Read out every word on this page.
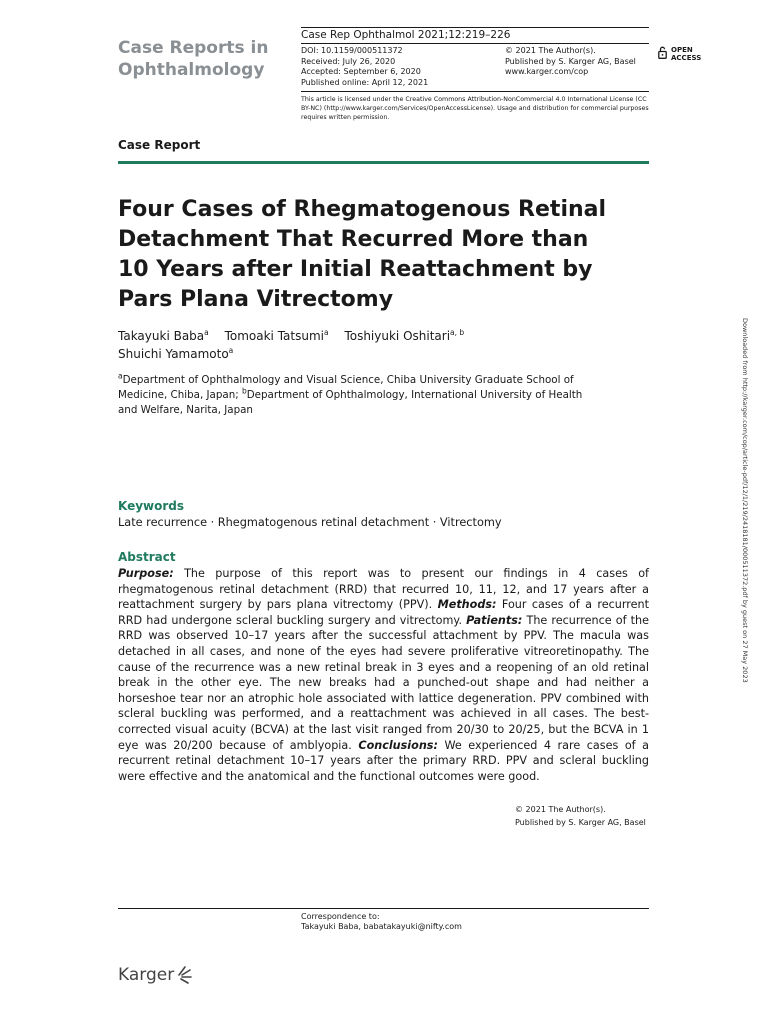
Case Reports in Ophthalmology
Case Rep Ophthalmol 2021;12:219–226
DOI: 10.1159/000511372
Received: July 26, 2020
Accepted: September 6, 2020
Published online: April 12, 2021
© 2021 The Author(s).
Published by S. Karger AG, Basel
www.karger.com/cop
OPEN
ACCESS
This article is licensed under the Creative Commons Attribution-NonCommercial 4.0 International License (CC BY-NC) (http://www.karger.com/Services/OpenAccessLicense). Usage and distribution for commercial purposes requires written permission.
Case Report
Four Cases of Rhegmatogenous Retinal Detachment That Recurred More than 10 Years after Initial Reattachment by Pars Plana Vitrectomy
Takayuki Baba$^a$ Tomoaki Tatsumi$^a$ Toshiyuki Oshitari$^{a, b}$
Shuichi Yamamoto$^a$
$^a$Department of Ophthalmology and Visual Science, Chiba University Graduate School of Medicine, Chiba, Japan; $^b$Department of Ophthalmology, International University of Health and Welfare, Narita, Japan
Keywords
Late recurrence · Rhegmatogenous retinal detachment · Vitrectomy
Abstract
Purpose: The purpose of this report was to present our findings in 4 cases of rhegmatogenous retinal detachment (RRD) that recurred 10, 11, 12, and 17 years after a reattachment surgery by pars plana vitrectomy (PPV). Methods: Four cases of a recurrent RRD had undergone scleral buckling surgery and vitrectomy. Patients: The recurrence of the RRD was observed 10–17 years after the successful attachment by PPV. The macula was detached in all cases, and none of the eyes had severe proliferative vitreoretinopathy. The cause of the recurrence was a new retinal break in 3 eyes and a reopening of an old retinal break in the other eye. The new breaks had a punched-out shape and had neither a horseshoe tear nor an atrophic hole associated with lattice degeneration. PPV combined with scleral buckling was performed, and a reattachment was achieved in all cases. The best-corrected visual acuity (BCVA) at the last visit ranged from 20/30 to 20/25, but the BCVA in 1 eye was 20/200 because of amblyopia. Conclusions: We experienced 4 rare cases of a recurrent retinal detachment 10–17 years after the primary RRD. PPV and scleral buckling were effective and the anatomical and the functional outcomes were good.
© 2021 The Author(s).
Published by S. Karger AG, Basel
Correspondence to:
Takayuki Baba, babatakayuki@nifty.com
Karger
Downloaded from http://karger.com/cop/article-pdf/12/1/219/2418181/000511372.pdf by guest on 27 May 2023
